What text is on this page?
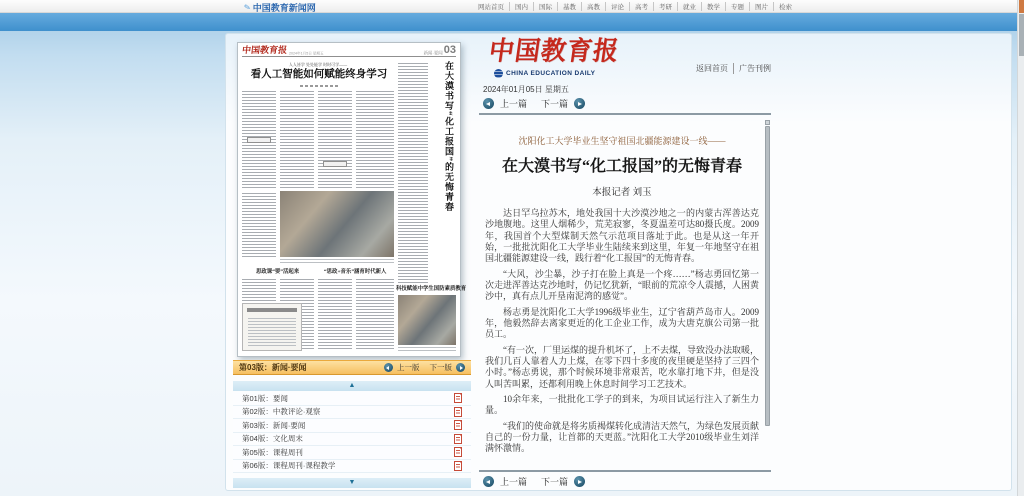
✎ 中国教育新闻网	网站首页	国内	国际	基教	高教	评论	高考	考研	就业	教学	专题	图片	检索
中国教育报 2024年1月5日 星期五	新闻·要闻 03
人人皆学 处处能学 时时可学——
看人工智能如何赋能终身学习	在大漠书写“化工报国”的无悔青春
思政课“要”活起来	“思政+音乐”涵育时代新人
科技赋能中学生国防素质教育
第03版：新闻·要闻	上一版 下一版
▲
第01版：要闻
第02版：中教评论·观察
第03版：新闻·要闻
第04版：文化周末
第05版：课程周刊
第06版：课程周刊·课程教学
▼
中国教育报
CHINA EDUCATION DAILY
返回首页	广告刊例
2024年01月05日 星期五
上一篇 下一篇
沈阳化工大学毕业生坚守祖国北疆能源建设一线——
在大漠书写“化工报国”的无悔青春
本报记者 刘玉

达日罕乌拉苏木，地处我国十大沙漠沙地之一的内蒙古浑善达克沙地腹地。这里人烟稀少，荒芜寂寥，冬夏温差可达80摄氏度。2009年，我国首个大型煤制天然气示范项目落址于此。也是从这一年开始，一批批沈阳化工大学毕业生陆续来到这里，年复一年地坚守在祖国北疆能源建设一线，践行着“化工报国”的无悔青春。

“大风，沙尘暴，沙子打在脸上真是一个疼……”杨志勇回忆第一次走进浑善达克沙地时，仍记忆犹新，“眼前的荒凉令人震撼，人困黄沙中，真有点儿开垦南泥湾的感觉”。

杨志勇是沈阳化工大学1996级毕业生，辽宁省葫芦岛市人。2009年，他毅然辞去离家更近的化工企业工作，成为大唐克旗公司第一批员工。

“有一次，厂里运煤的提升机坏了，上不去煤，导致没办法取暖，我们几百人靠着人力上煤，在零下四十多度的夜里硬是坚持了三四个小时。”杨志勇说，那个时候环境非常艰苦，吃水靠打地下井，但是没人叫苦叫累，还都利用晚上休息时间学习工艺技术。

10余年来，一批批化工学子的到来，为项目试运行注入了新生力量。

“我们的使命就是将劣质褐煤转化成清洁天然气，为绿色发展贡献自己的一份力量，让首都的天更蓝。”沈阳化工大学2010级毕业生刘洋满怀激情。

上一篇 下一篇
